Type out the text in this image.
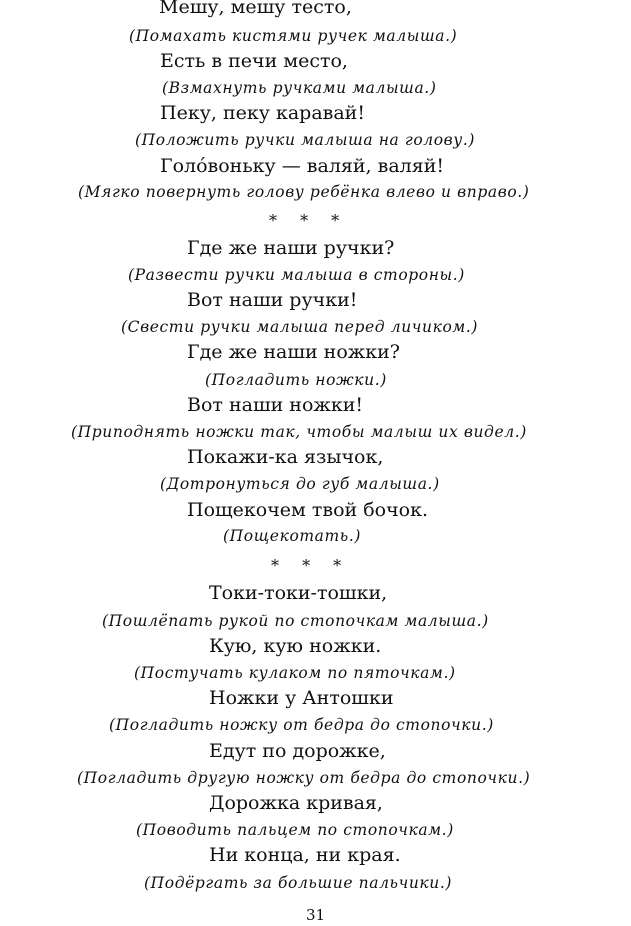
Мешу, мешу тесто,

(Помахать кистями ручек малыша.)

Есть в печи место,

(Взмахнуть ручками малыша.)

Пеку, пеку каравай!

(Положить ручки малыша на голову.)

Голо́воньку — валяй, валяй!

(Мягко повернуть голову ребёнка влево и вправо.)

* * *

Где же наши ручки?

(Развести ручки малыша в стороны.)

Вот наши ручки!

(Свести ручки малыша перед личиком.)

Где же наши ножки?

(Погладить ножки.)

Вот наши ножки!

(Приподнять ножки так, чтобы малыш их видел.)

Покажи-ка язычок,

(Дотронуться до губ малыша.)

Пощекочем твой бочок.

(Пощекотать.)

* * *

Токи-токи-тошки,

(Пошлёпать рукой по стопочкам малыша.)

Кую, кую ножки.

(Постучать кулаком по пяточкам.)

Ножки у Антошки

(Погладить ножку от бедра до стопочки.)

Едут по дорожке,

(Погладить другую ножку от бедра до стопочки.)

Дорожка кривая,

(Поводить пальцем по стопочкам.)

Ни конца, ни края.

(Подёргать за большие пальчики.)

31
